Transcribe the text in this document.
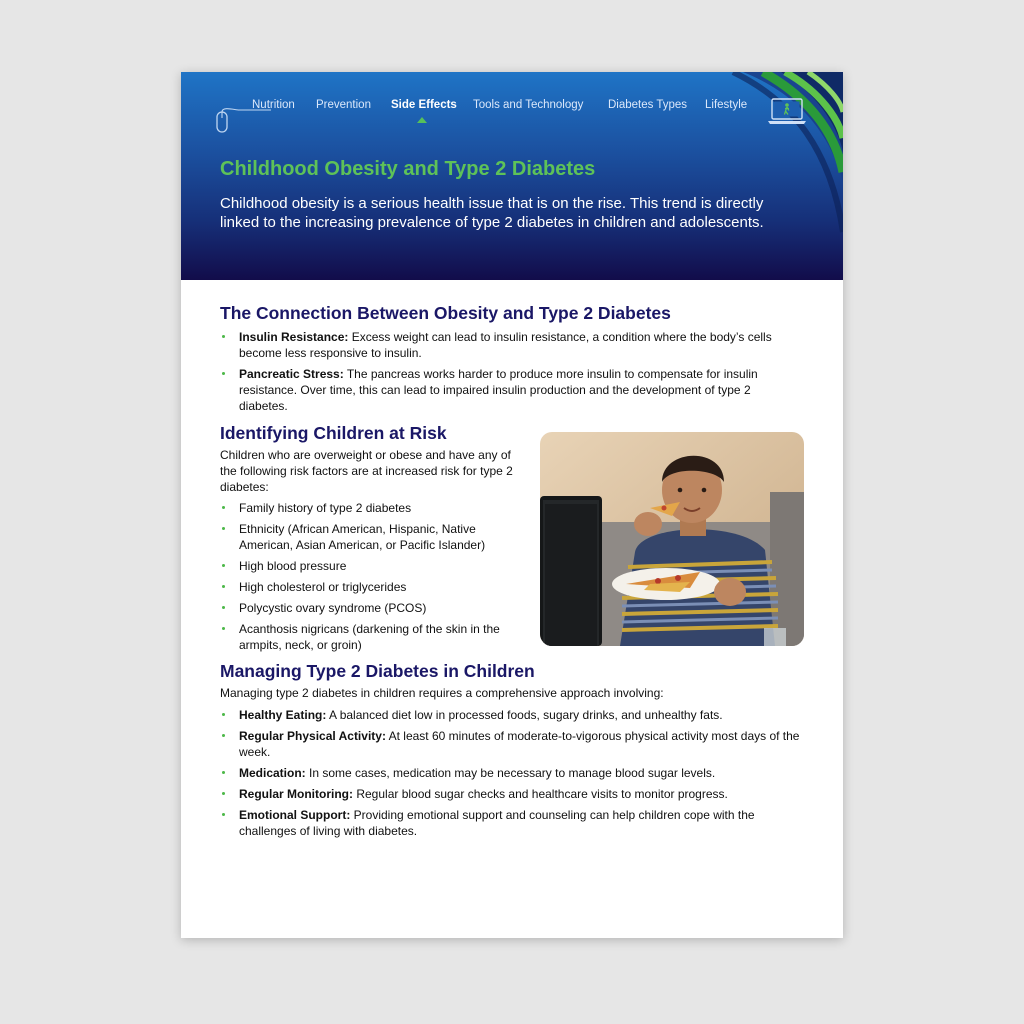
Nutrition Prevention Side Effects Tools and Technology Diabetes Types Lifestyle
Childhood Obesity and Type 2 Diabetes
Childhood obesity is a serious health issue that is on the rise. This trend is directly linked to the increasing prevalence of type 2 diabetes in children and adolescents.
The Connection Between Obesity and Type 2 Diabetes
Insulin Resistance: Excess weight can lead to insulin resistance, a condition where the body’s cells become less responsive to insulin.
Pancreatic Stress: The pancreas works harder to produce more insulin to compensate for insulin resistance. Over time, this can lead to impaired insulin production and the development of type 2 diabetes.
Identifying Children at Risk
Children who are overweight or obese and have any of the following risk factors are at increased risk for type 2 diabetes:
Family history of type 2 diabetes
Ethnicity (African American, Hispanic, Native American, Asian American, or Pacific Islander)
High blood pressure
High cholesterol or triglycerides
Polycystic ovary syndrome (PCOS)
Acanthosis nigricans (darkening of the skin in the armpits, neck, or groin)
Managing Type 2 Diabetes in Children
Managing type 2 diabetes in children requires a comprehensive approach involving:
Healthy Eating: A balanced diet low in processed foods, sugary drinks, and unhealthy fats.
Regular Physical Activity: At least 60 minutes of moderate-to-vigorous physical activity most days of the week.
Medication: In some cases, medication may be necessary to manage blood sugar levels.
Regular Monitoring: Regular blood sugar checks and healthcare visits to monitor progress.
Emotional Support: Providing emotional support and counseling can help children cope with the challenges of living with diabetes.
